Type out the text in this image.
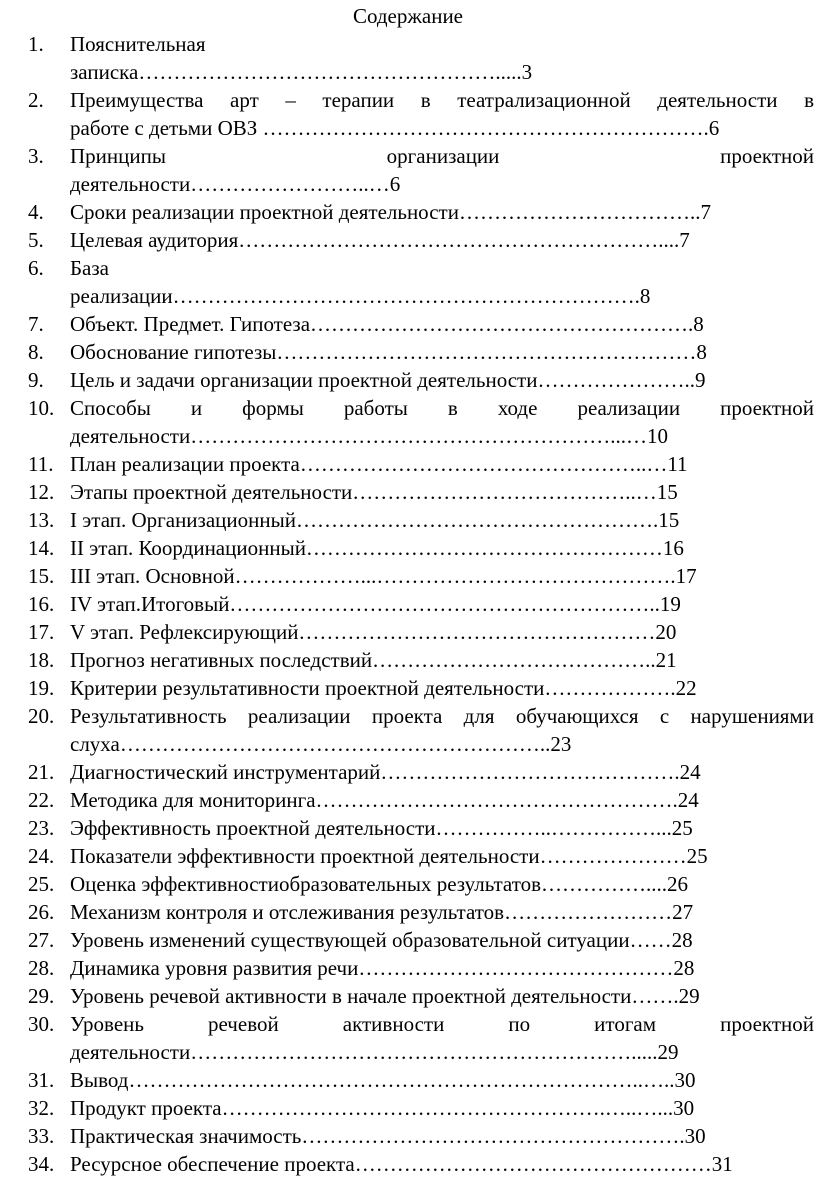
Содержание
1. Пояснительная
записка…………………………………………….....3
2. Преимущества арт – терапии в театрализационной деятельности в
работе с детьми ОВЗ ……………………………………………………….6
3. Принципы организации проектной
деятельности……………………..…6
4. Сроки реализации проектной деятельности……………………………..7
5. Целевая аудитория……………………………………………………....7
6. База
реализации………………………………………………………….8
7. Объект. Предмет. Гипотеза……………………………………………….8
8. Обоснование гипотезы……………………………………………………8
9. Цель и задачи организации проектной деятельности…………………..9
10. Способы и формы работы в ходе реализации проектной
деятельности……………………………………………………...…10
11. План реализации проекта…………………………………………..…11
12. Этапы проектной деятельности…………………………………..…15
13. I этап. Организационный…………………………………………….15
14. II этап. Координационный……………………………………………16
15. III этап. Основной………………...…………………………………….17
16. IV этап.Итоговый……………………………………………………..19
17. V этап. Рефлексирующий……………………………………………20
18. Прогноз негативных последствий…………………………………..21
19. Критерии результативности проектной деятельности……………….22
20. Результативность реализации проекта для обучающихся с нарушениями
слуха……………………………………………………..23
21. Диагностический инструментарий…………………………………….24
22. Методика для мониторинга…………………………………………….24
23. Эффективность проектной деятельности……………..……………...25
24. Показатели эффективности проектной деятельности…………………25
25. Оценка эффективностиобразовательных результатов……………....26
26. Механизм контроля и отслеживания результатов……………………27
27. Уровень изменений существующей образовательной ситуации……28
28. Динамика уровня развития речи………………………………………28
29. Уровень речевой активности в начале проектной деятельности…….29
30. Уровень речевой активности по итогам проектной
деятельности……………………………………………………….....29
31. Вывод………………………………………………………………..…..30
32. Продукт проекта……………………………………………….…..…...30
33. Практическая значимость……………………………………………….30
34. Ресурсное обеспечение проекта……………………………………………31
